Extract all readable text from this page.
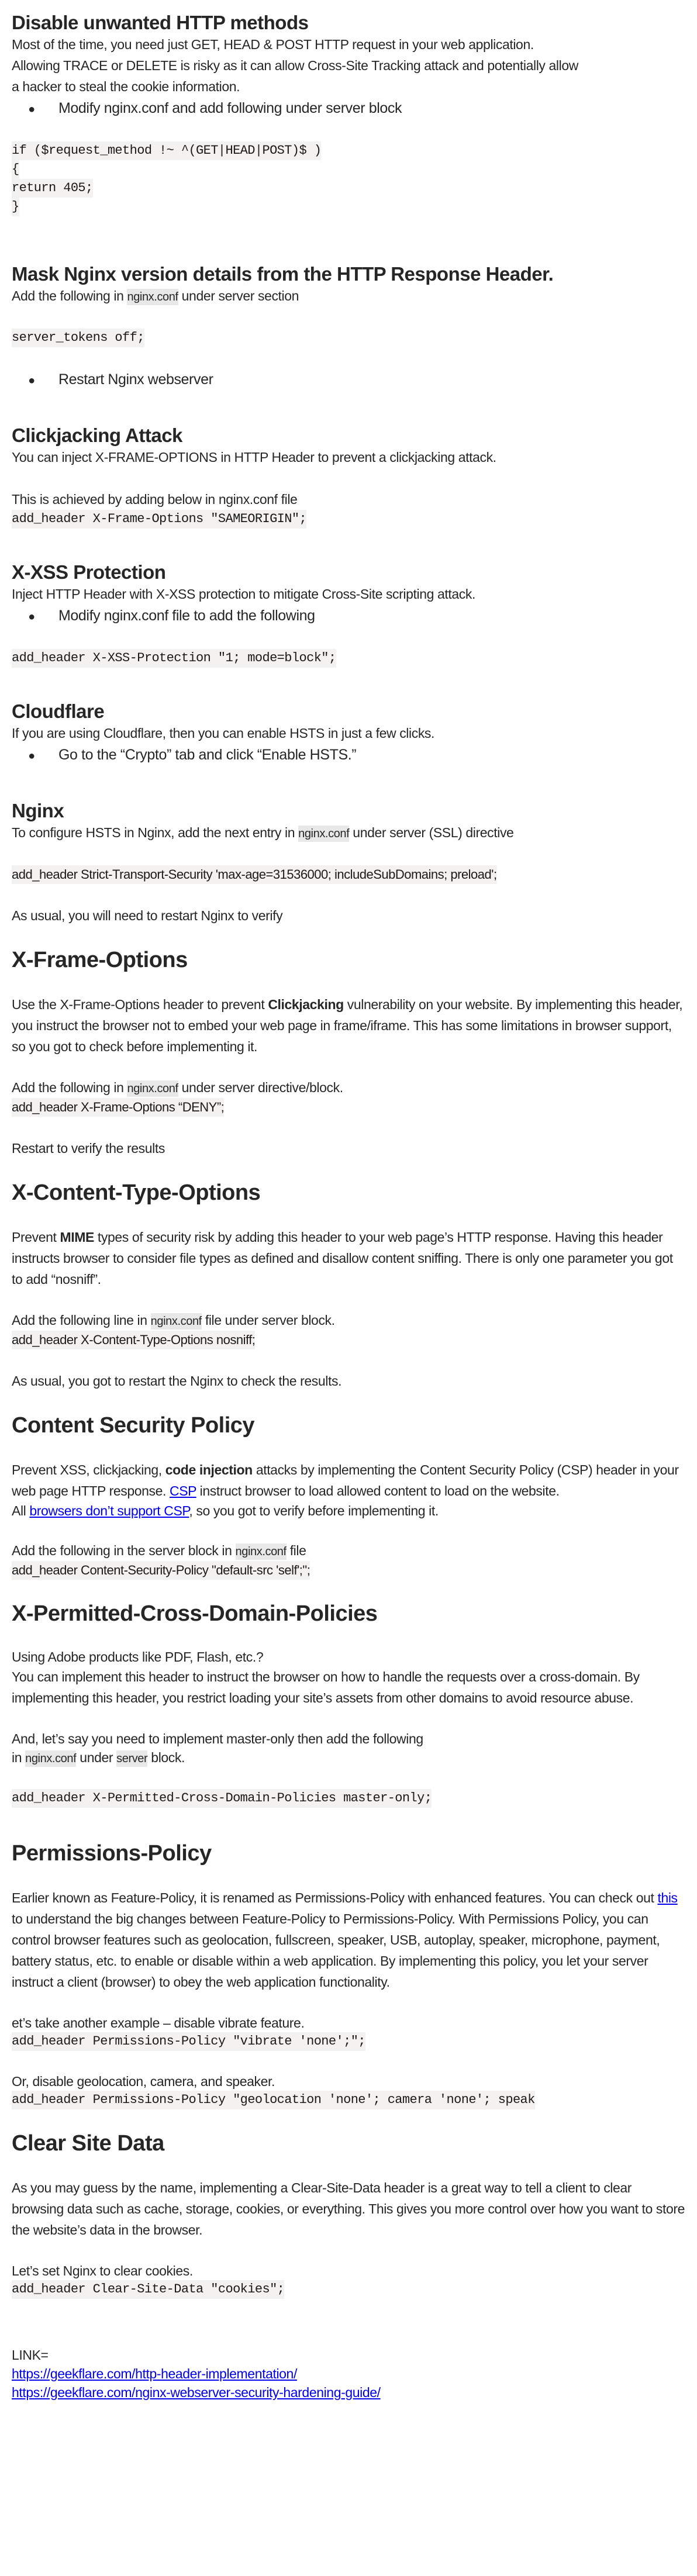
Disable unwanted HTTP methods

Most of the time, you need just GET, HEAD & POST HTTP request in your web application.

Allowing TRACE or DELETE is risky as it can allow Cross-Site Tracking attack and potentially allow

a hacker to steal the cookie information.

●	Modify nginx.conf and add following under server block
if ($request_method !~ ^(GET|HEAD|POST)$ )
{
return 405;
}
Mask Nginx version details from the HTTP Response Header.

Add the following in nginx.conf under server section

server_tokens off;
●	Restart Nginx webserver
Clickjacking Attack

You can inject X-FRAME-OPTIONS in HTTP Header to prevent a clickjacking attack.

This is achieved by adding below in nginx.conf file

add_header X-Frame-Options "SAMEORIGIN";
X-XSS Protection

Inject HTTP Header with X-XSS protection to mitigate Cross-Site scripting attack.

●	Modify nginx.conf file to add the following
add_header X-XSS-Protection "1; mode=block";
Cloudflare

If you are using Cloudflare, then you can enable HSTS in just a few clicks.

●	Go to the “Crypto” tab and click “Enable HSTS.”
Nginx

To configure HSTS in Nginx, add the next entry in nginx.conf under server (SSL) directive

add_header Strict-Transport-Security 'max-age=31536000; includeSubDomains; preload';

As usual, you will need to restart Nginx to verify

X-Frame-Options

Use the X-Frame-Options header to prevent Clickjacking vulnerability on your website. By implementing this header, you instruct the browser not to embed your web page in frame/iframe. This has some limitations in browser support, so you got to check before implementing it.

Add the following in nginx.conf under server directive/block.

add_header X-Frame-Options “DENY”;

Restart to verify the results

X-Content-Type-Options

Prevent MIME types of security risk by adding this header to your web page’s HTTP response. Having this header instructs browser to consider file types as defined and disallow content sniffing. There is only one parameter you got to add “nosniff”.

Add the following line in nginx.conf file under server block.

add_header X-Content-Type-Options nosniff;

As usual, you got to restart the Nginx to check the results.

Content Security Policy

Prevent XSS, clickjacking, code injection attacks by implementing the Content Security Policy (CSP) header in your web page HTTP response. CSP instruct browser to load allowed content to load on the website.

All browsers don’t support CSP, so you got to verify before implementing it.

Add the following in the server block in nginx.conf file

add_header Content-Security-Policy "default-src 'self';";
X-Permitted-Cross-Domain-Policies

Using Adobe products like PDF, Flash, etc.?

You can implement this header to instruct the browser on how to handle the requests over a cross-domain. By implementing this header, you restrict loading your site’s assets from other domains to avoid resource abuse.

And, let’s say you need to implement master-only then add the following

in nginx.conf under server block.

add_header X-Permitted-Cross-Domain-Policies master-only;
Permissions-Policy

Earlier known as Feature-Policy, it is renamed as Permissions-Policy with enhanced features. You can check out this to understand the big changes between Feature-Policy to Permissions-Policy. With Permissions Policy, you can control browser features such as geolocation, fullscreen, speaker, USB, autoplay, speaker, microphone, payment, battery status, etc. to enable or disable within a web application. By implementing this policy, you let your server instruct a client (browser) to obey the web application functionality.

et’s take another example – disable vibrate feature.

add_header Permissions-Policy "vibrate 'none';";

Or, disable geolocation, camera, and speaker.

add_header Permissions-Policy "geolocation 'none'; camera 'none'; speak
Clear Site Data

As you may guess by the name, implementing a Clear-Site-Data header is a great way to tell a client to clear browsing data such as cache, storage, cookies, or everything. This gives you more control over how you want to store the website’s data in the browser.

Let’s set Nginx to clear cookies.

add_header Clear-Site-Data "cookies";

LINK=

https://geekflare.com/http-header-implementation/

https://geekflare.com/nginx-webserver-security-hardening-guide/
